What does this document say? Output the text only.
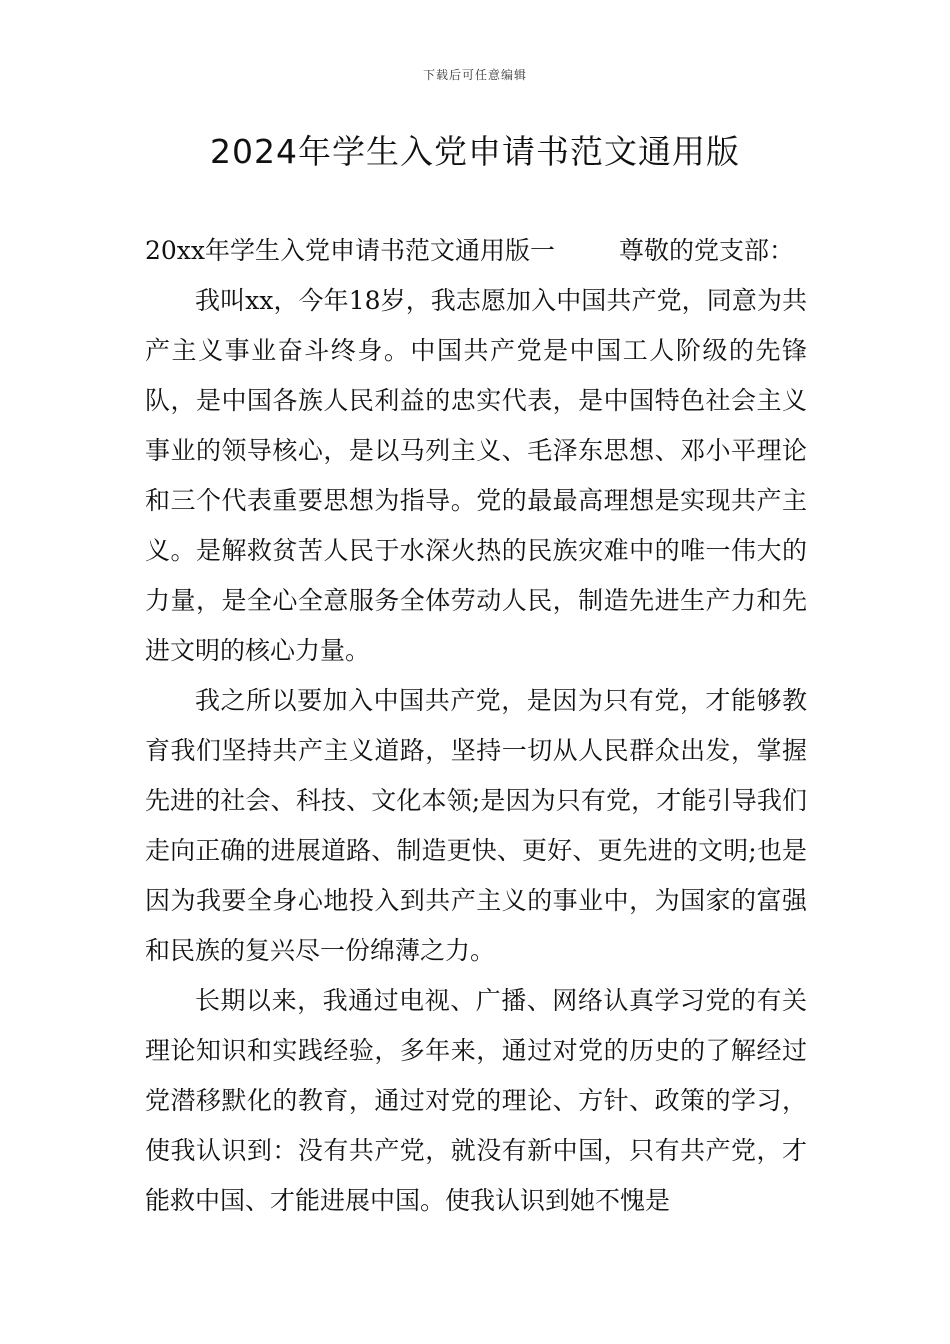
下载后可任意编辑
2024年学生入党申请书范文通用版

20xx年学生入党申请书范文通用版一	尊敬的党支部：

我叫xx，今年18岁，我志愿加入中国共产党，同意为共产主义事业奋斗终身。中国共产党是中国工人阶级的先锋队，是中国各族人民利益的忠实代表，是中国特色社会主义事业的领导核心，是以马列主义、毛泽东思想、邓小平理论和三个代表重要思想为指导。党的最最高理想是实现共产主义。是解救贫苦人民于水深火热的民族灾难中的唯一伟大的力量，是全心全意服务全体劳动人民，制造先进生产力和先进文明的核心力量。

我之所以要加入中国共产党，是因为只有党，才能够教育我们坚持共产主义道路，坚持一切从人民群众出发，掌握先进的社会、科技、文化本领;是因为只有党，才能引导我们走向正确的进展道路、制造更快、更好、更先进的文明;也是因为我要全身心地投入到共产主义的事业中，为国家的富强和民族的复兴尽一份绵薄之力。

长期以来，我通过电视、广播、网络认真学习党的有关理论知识和实践经验，多年来，通过对党的历史的了解经过党潜移默化的教育，通过对党的理论、方针、政策的学习，使我认识到：没有共产党，就没有新中国，只有共产党，才能救中国、才能进展中国。使我认识到她不愧是
